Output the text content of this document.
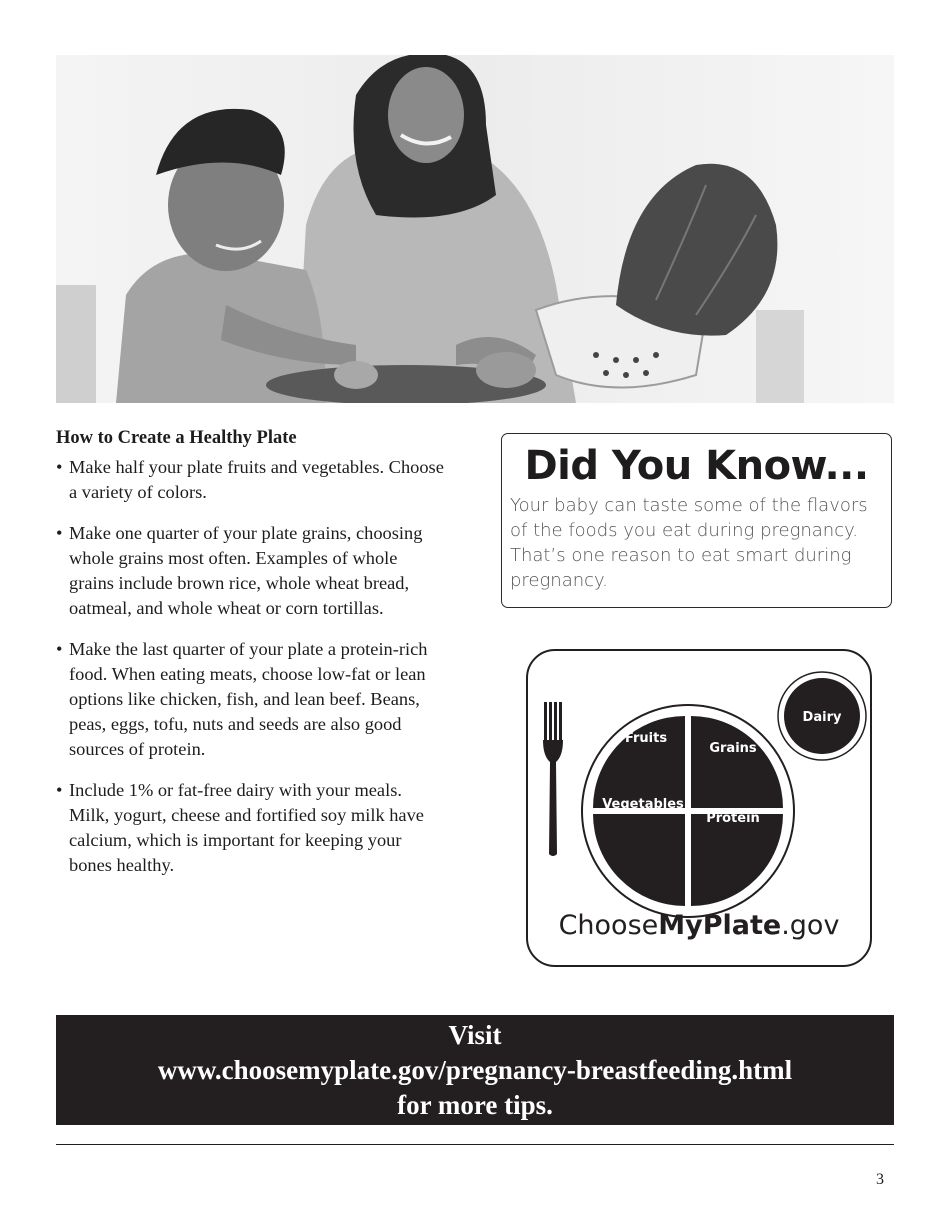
How to Create a Healthy Plate
• Make half your plate fruits and vegetables. Choose a variety of colors.
• Make one quarter of your plate grains, choosing whole grains most often. Examples of whole grains include brown rice, whole wheat bread, oatmeal, and whole wheat or corn tortillas.
• Make the last quarter of your plate a protein-rich food. When eating meats, choose low-fat or lean options like chicken, fish, and lean beef. Beans, peas, eggs, tofu, nuts and seeds are also good sources of protein.
• Include 1% or fat-free dairy with your meals. Milk, yogurt, cheese and fortified soy milk have calcium, which is important for keeping your bones healthy.
Did You Know...
Your baby can taste some of the flavors of the foods you eat during pregnancy. That’s one reason to eat smart during pregnancy.
Fruits
Grains
Vegetables
Protein
Dairy
ChooseMyPlate.gov
Visit
www.choosemyplate.gov/pregnancy-breastfeeding.html
for more tips.
3
